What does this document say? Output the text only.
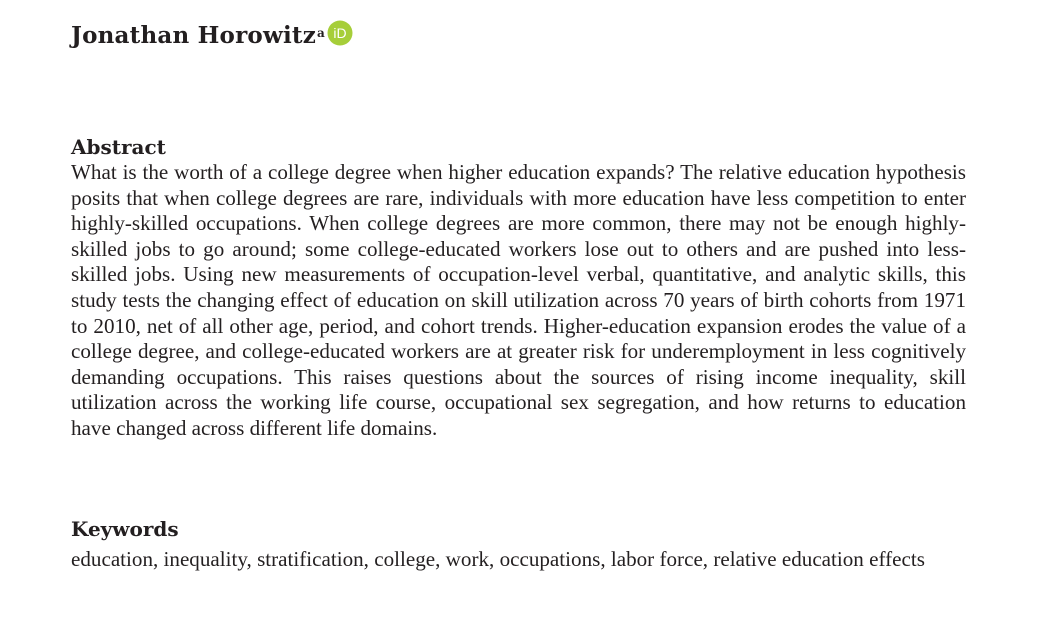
Jonathan Horowitz a iD
Abstract

What is the worth of a college degree when higher education expands? The relative education hypothesis posits that when college degrees are rare, individuals with more education have less competition to enter highly-skilled occupations. When college degrees are more common, there may not be enough highly-skilled jobs to go around; some college-educated workers lose out to others and are pushed into less-skilled jobs. Using new measurements of occupation-level verbal, quantitative, and analytic skills, this study tests the changing effect of education on skill utilization across 70 years of birth cohorts from 1971 to 2010, net of all other age, period, and cohort trends. Higher-education expansion erodes the value of a college degree, and college-educated workers are at greater risk for underemployment in less cognitively demanding occupations. This raises questions about the sources of rising income inequality, skill utilization across the working life course, occupational sex segregation, and how returns to education have changed across different life domains.

Keywords

education, inequality, stratification, college, work, occupations, labor force, relative education effects
